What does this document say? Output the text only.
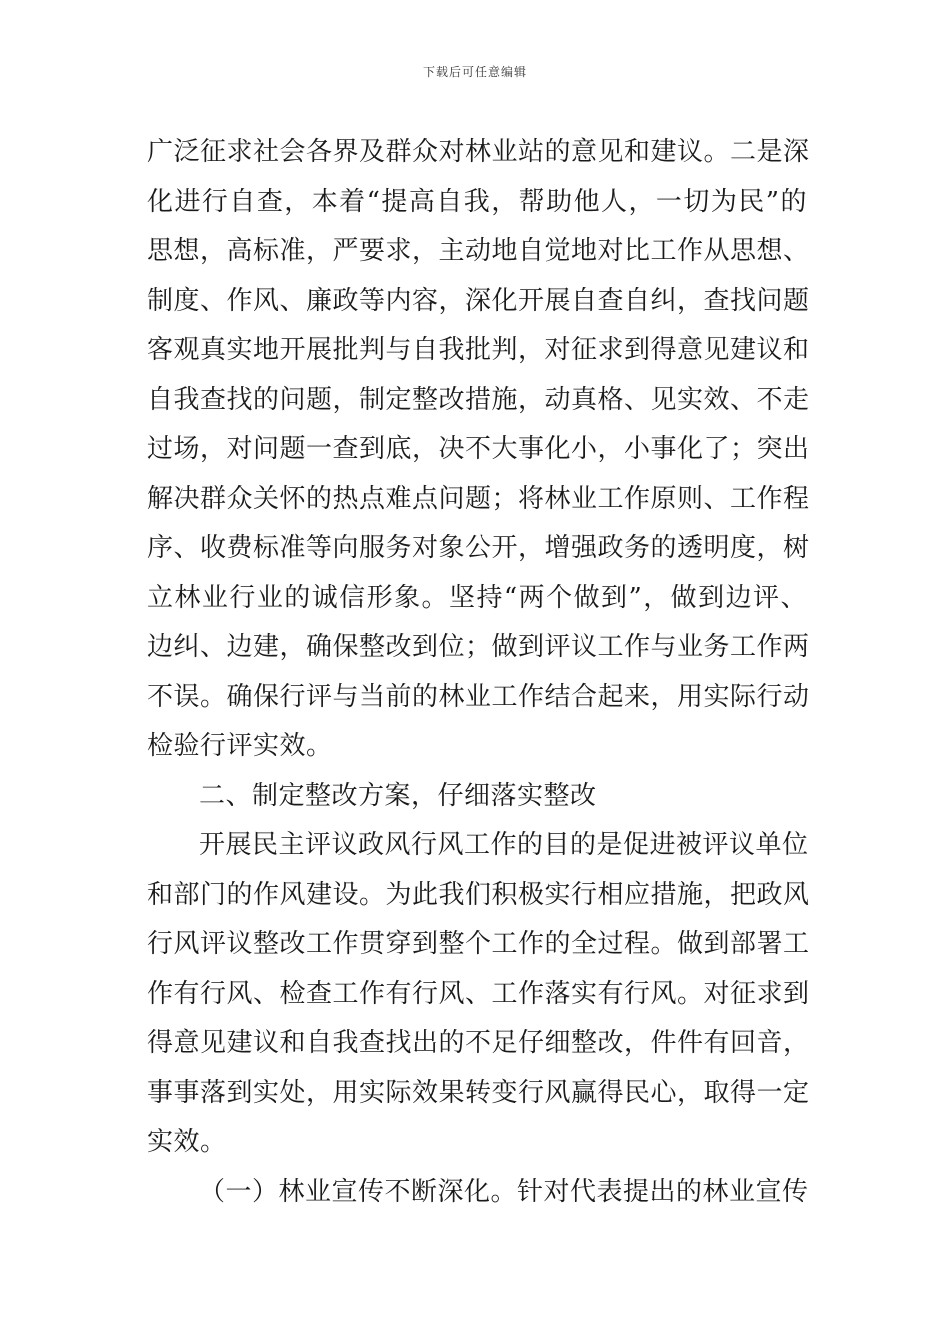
下载后可任意编辑
广泛征求社会各界及群众对林业站的意见和建议。二是深
化进行自查，本着“提高自我，帮助他人，一切为民”的
思想，高标准，严要求，主动地自觉地对比工作从思想、
制度、作风、廉政等内容，深化开展自查自纠，查找问题
客观真实地开展批判与自我批判，对征求到得意见建议和
自我查找的问题，制定整改措施，动真格、见实效、不走
过场，对问题一查到底，决不大事化小，小事化了；突出
解决群众关怀的热点难点问题；将林业工作原则、工作程
序、收费标准等向服务对象公开，增强政务的透明度，树
立林业行业的诚信形象。坚持“两个做到”，做到边评、
边纠、边建，确保整改到位；做到评议工作与业务工作两
不误。确保行评与当前的林业工作结合起来，用实际行动
检验行评实效。
二、制定整改方案，仔细落实整改
开展民主评议政风行风工作的目的是促进被评议单位
和部门的作风建设。为此我们积极实行相应措施，把政风
行风评议整改工作贯穿到整个工作的全过程。做到部署工
作有行风、检查工作有行风、工作落实有行风。对征求到
得意见建议和自我查找出的不足仔细整改，件件有回音，
事事落到实处，用实际效果转变行风赢得民心，取得一定
实效。
（一）林业宣传不断深化。针对代表提出的林业宣传
